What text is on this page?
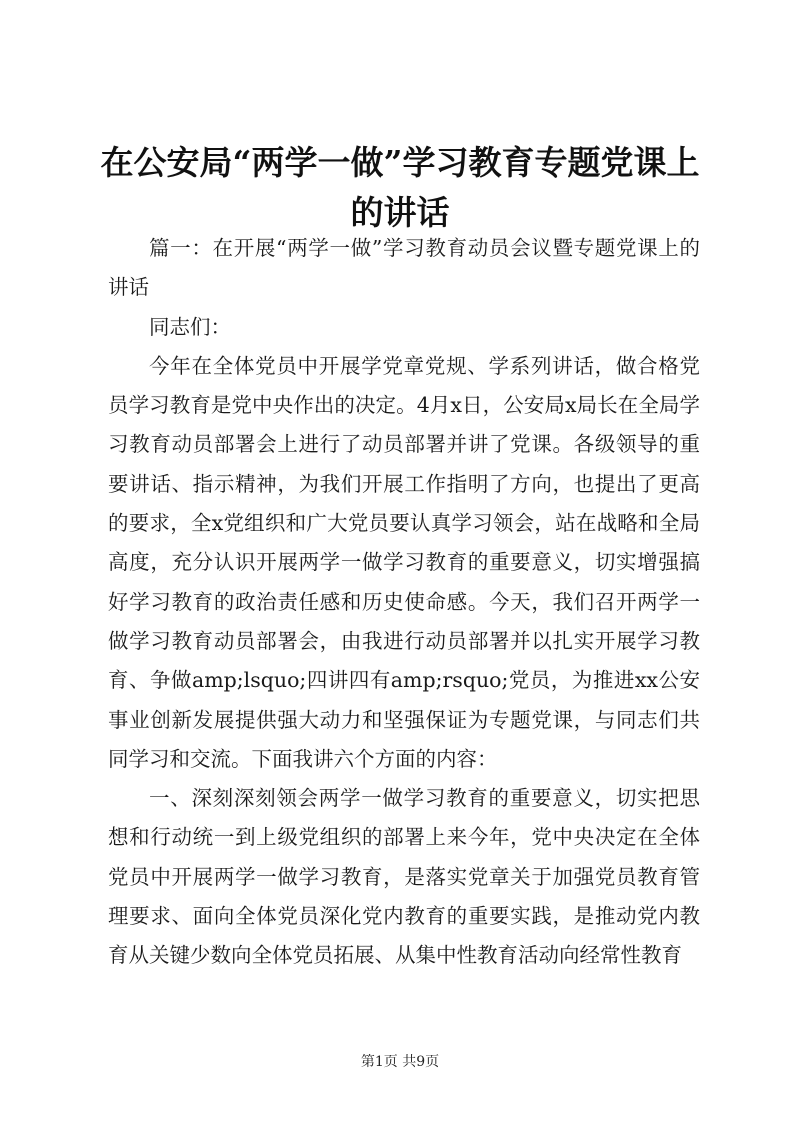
在公安局“两学一做”学习教育专题党课上的讲话

篇一：在开展“两学一做”学习教育动员会议暨专题党课上的讲话

同志们：

今年在全体党员中开展学党章党规、学系列讲话，做合格党员学习教育是党中央作出的决定。4月x日，公安局x局长在全局学习教育动员部署会上进行了动员部署并讲了党课。各级领导的重要讲话、指示精神，为我们开展工作指明了方向，也提出了更高的要求，全x党组织和广大党员要认真学习领会，站在战略和全局高度，充分认识开展两学一做学习教育的重要意义，切实增强搞好学习教育的政治责任感和历史使命感。今天，我们召开两学一做学习教育动员部署会，由我进行动员部署并以扎实开展学习教育、争做amp;lsquo;四讲四有amp;rsquo;党员，为推进xx公安事业创新发展提供强大动力和坚强保证为专题党课，与同志们共同学习和交流。下面我讲六个方面的内容：

一、深刻深刻领会两学一做学习教育的重要意义，切实把思想和行动统一到上级党组织的部署上来今年，党中央决定在全体党员中开展两学一做学习教育，是落实党章关于加强党员教育管理要求、面向全体党员深化党内教育的重要实践，是推动党内教育从关键少数向全体党员拓展、从集中性教育活动向经常性教育

第1页 共9页
